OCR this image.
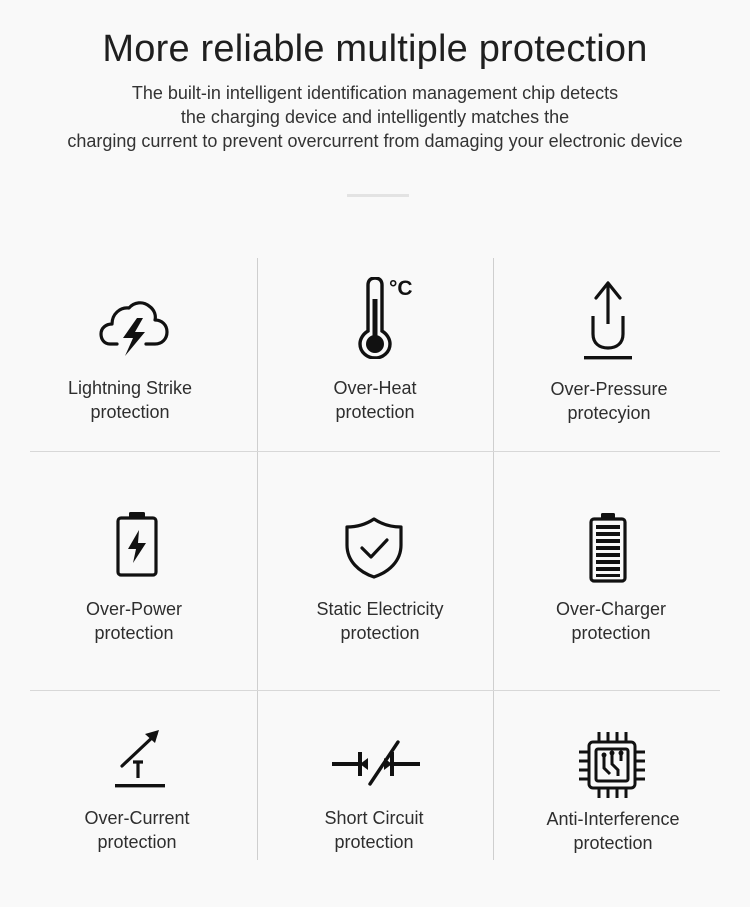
More reliable multiple protection
The built-in intelligent identification management chip detects
the charging device and intelligently matches the
charging current to prevent overcurrent from damaging your electronic device
Lightning Strike
protection
°C
Over-Heat
protection
Over-Pressure
protecyion
Over-Power
protection
Static Electricity
protection
Over-Charger
protection
Over-Current
protection
Short Circuit
protection
Anti-Interference
protection
